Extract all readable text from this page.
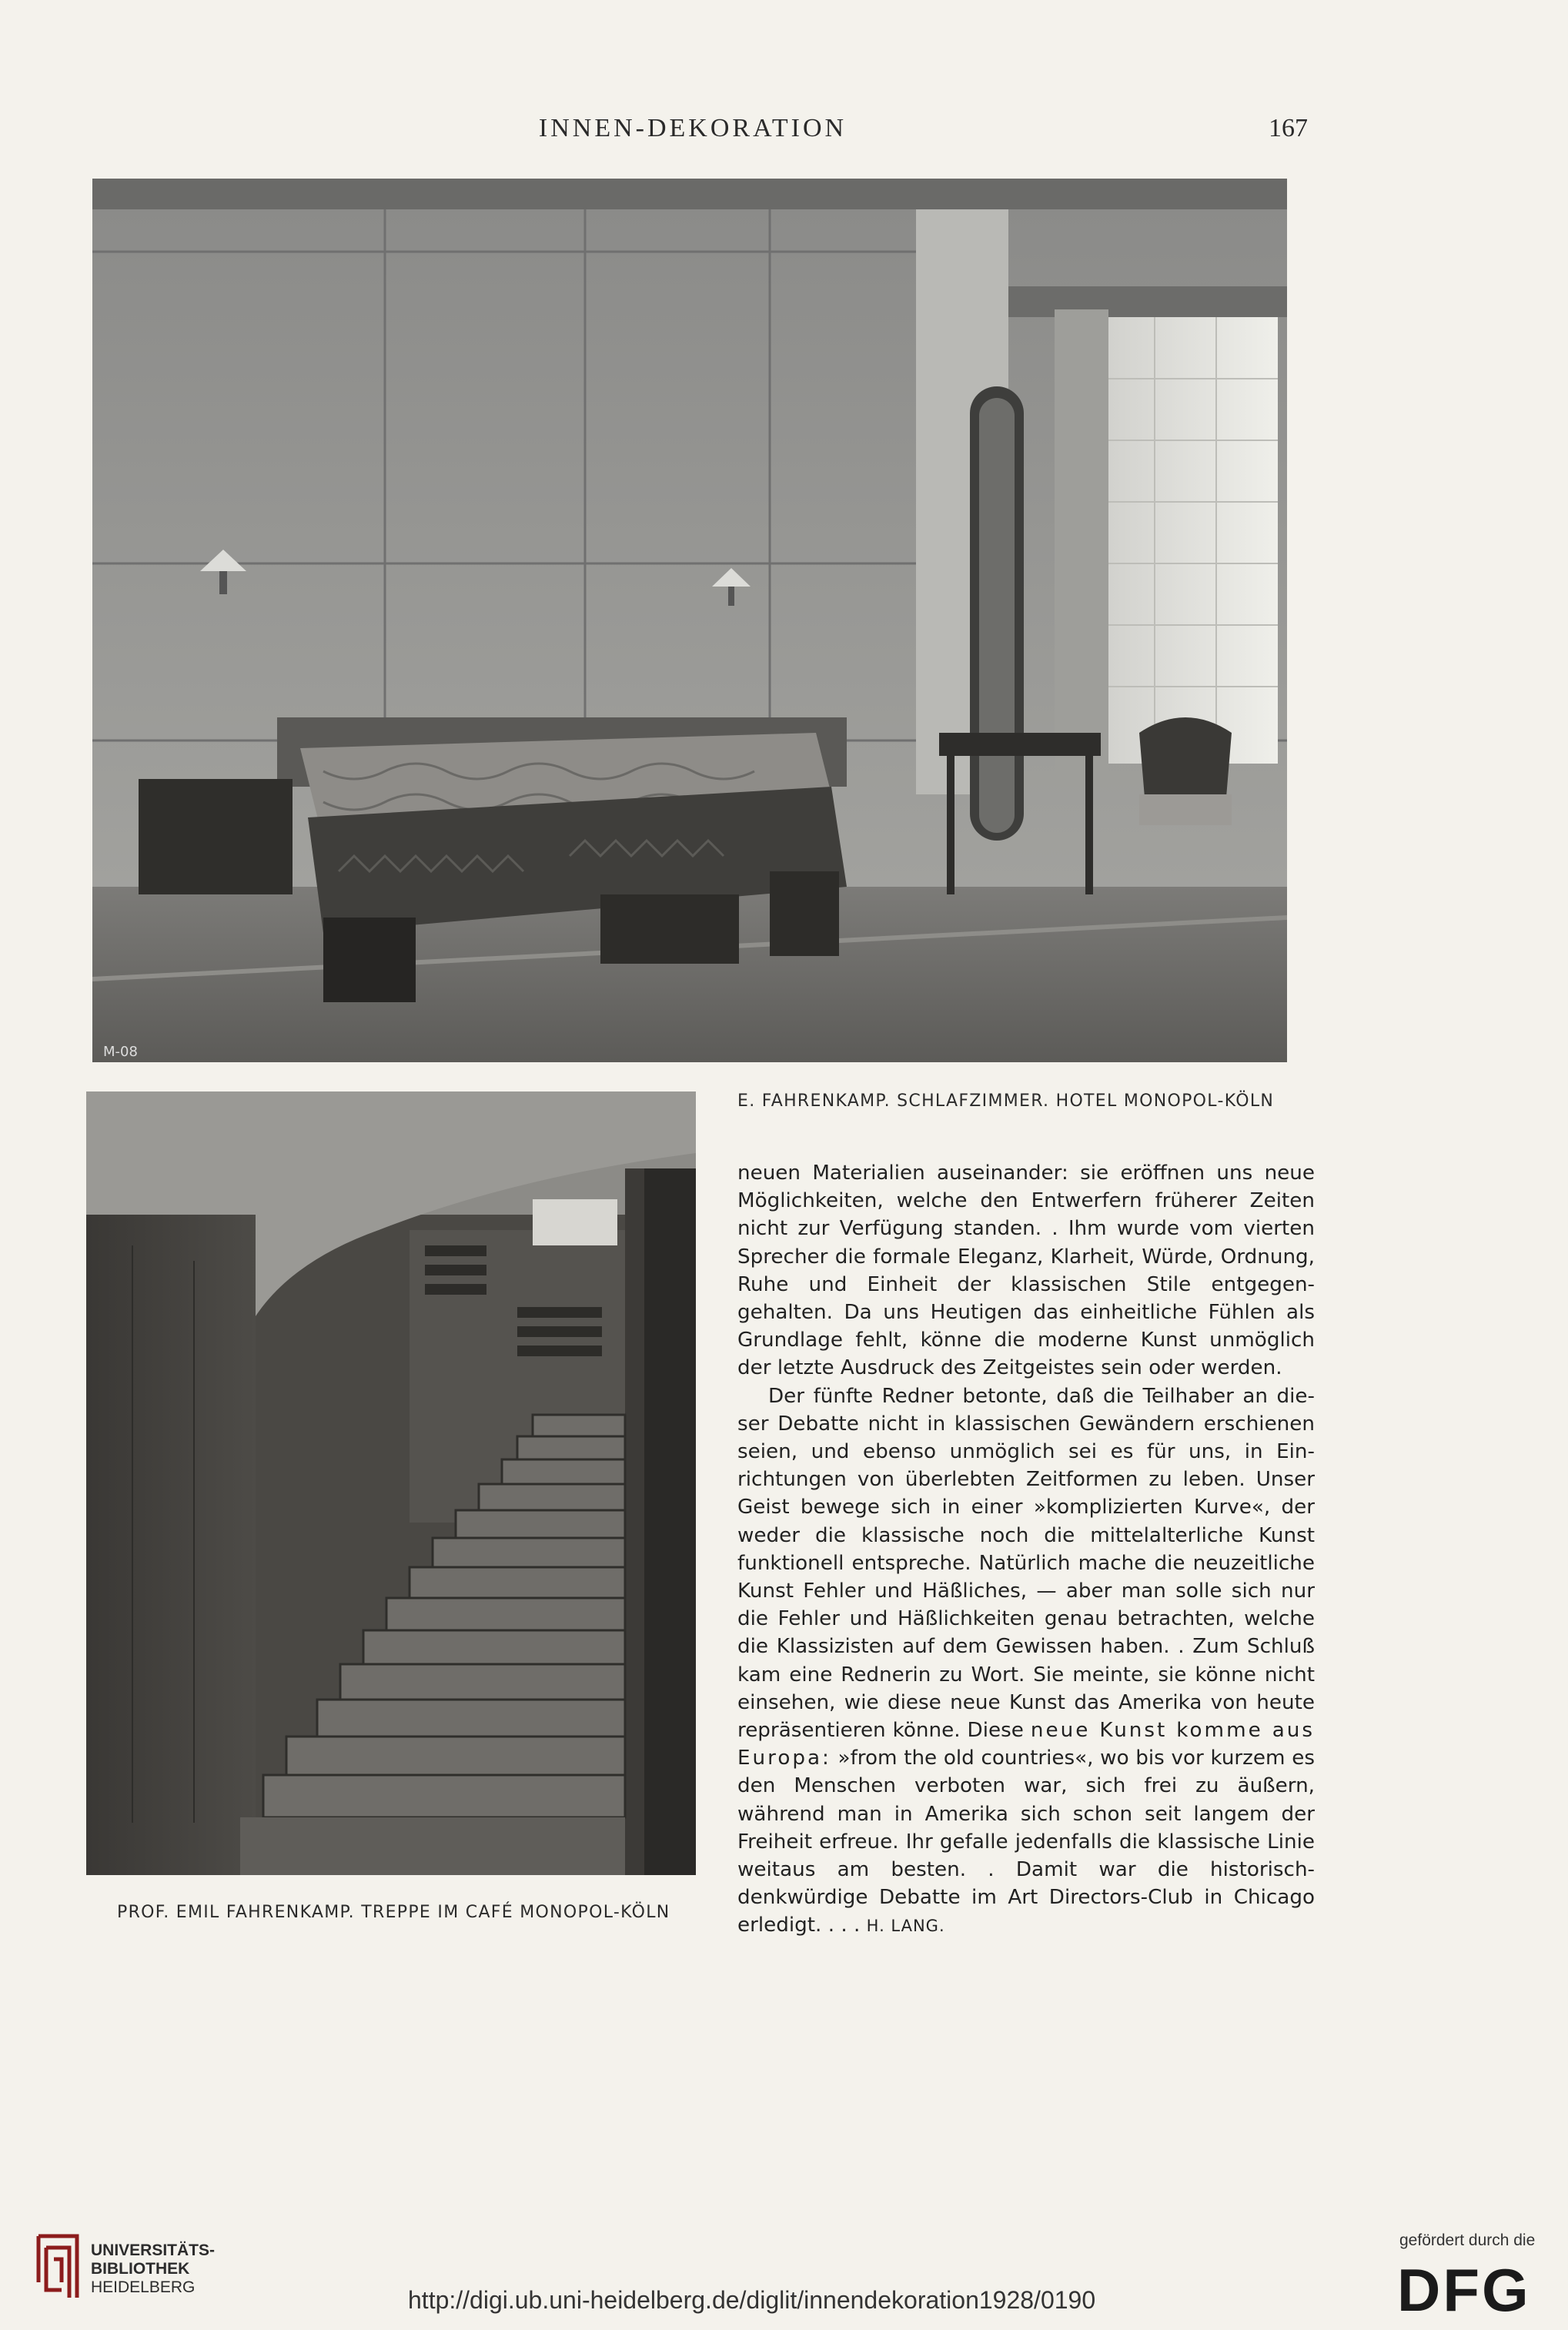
INNEN-DEKORATION	167
M-08
E. FAHRENKAMP. SCHLAFZIMMER. HOTEL MONOPOL-KÖLN
PROF. EMIL FAHRENKAMP. TREPPE IM CAFÉ MONOPOL-KÖLN

neuen Materialien auseinander: sie eröffnen uns neue Möglichkeiten, welche den Entwerfern früherer Zeiten nicht zur Verfügung standen. . Ihm wurde vom vierten Sprecher die formale Eleganz, Klarheit, Würde, Ordnung, Ruhe und Einheit der klassischen Stile entgegengehalten. Da uns Heutigen das einheitliche Fühlen als Grundlage fehlt, könne die moderne Kunst unmöglich der letzte Ausdruck des Zeitgeistes sein oder werden.

Der fünfte Redner betonte, daß die Teilhaber an dieser Debatte nicht in klassischen Gewändern erschienen seien, und ebenso unmöglich sei es für uns, in Einrichtungen von überlebten Zeitformen zu leben. Unser Geist bewege sich in einer »komplizierten Kurve«, der weder die klassische noch die mittelalterliche Kunst funktionell entspreche. Natürlich mache die neuzeitliche Kunst Fehler und Häßliches, — aber man solle sich nur die Fehler und Häßlichkeiten genau betrachten, welche die Klassizisten auf dem Gewissen haben. . Zum Schluß kam eine Rednerin zu Wort. Sie meinte, sie könne nicht einsehen, wie diese neue Kunst das Amerika von heute repräsentieren könne. Diese neue Kunst komme aus Europa: »from the old countries«, wo bis vor kurzem es den Menschen verboten war, sich frei zu äußern, während man in Amerika sich schon seit langem der Freiheit erfreue. Ihr gefalle jedenfalls die klassische Linie weitaus am besten. . Damit war die historisch-denkwürdige Debatte im Art Directors-Club in Chicago erledigt. . . . H. LANG.

UNIVERSITÄTS-
BIBLIOTHEK
HEIDELBERG	http://digi.ub.uni-heidelberg.de/diglit/innendekoration1928/0190
gefördert durch die
DFG
